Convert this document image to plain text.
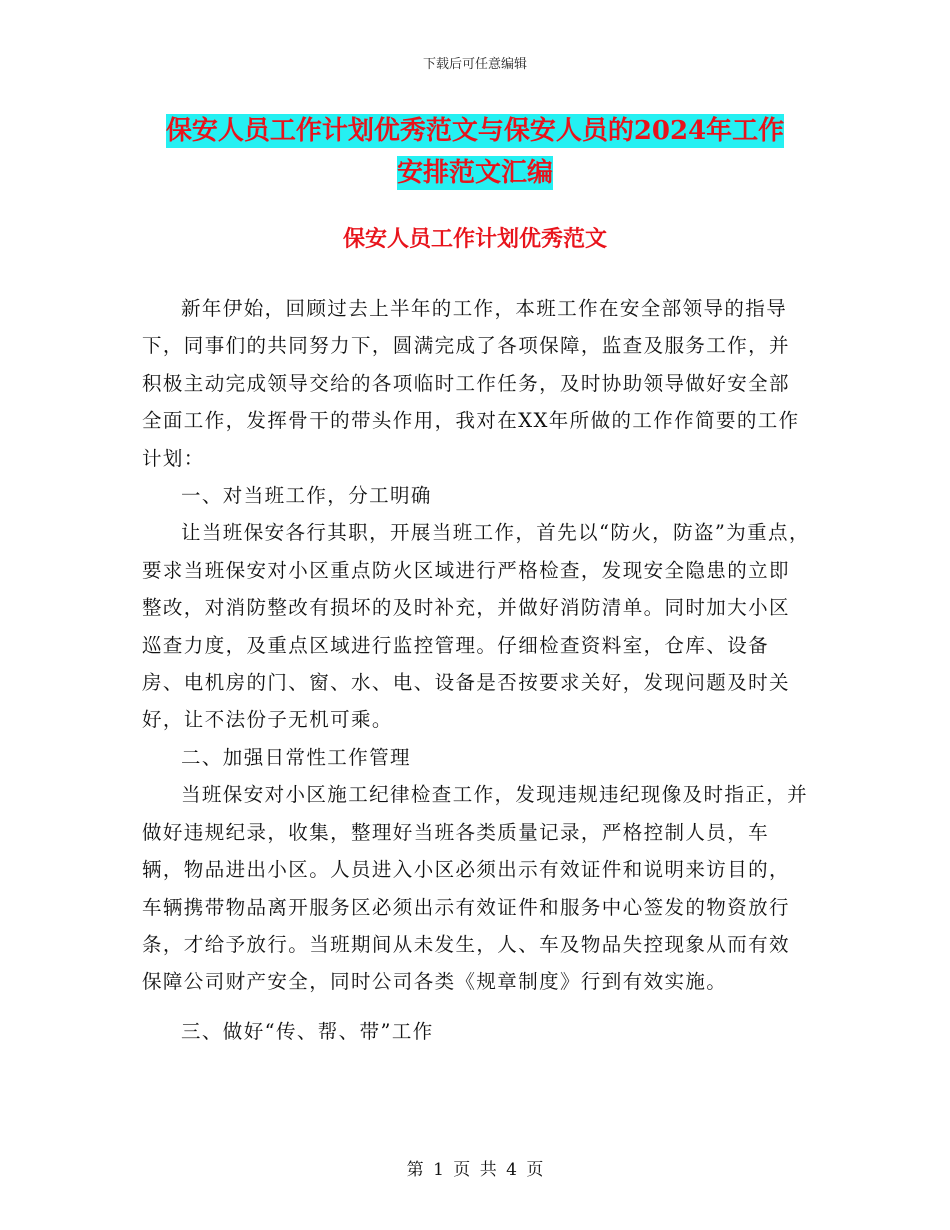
下载后可任意编辑
保安人员工作计划优秀范文与保安人员的2024年工作
安排范文汇编
保安人员工作计划优秀范文

新年伊始，回顾过去上半年的工作，本班工作在安全部领导的指导下，同事们的共同努力下，圆满完成了各项保障，监查及服务工作，并积极主动完成领导交给的各项临时工作任务，及时协助领导做好安全部全面工作，发挥骨干的带头作用，我对在XX年所做的工作作简要的工作计划：

一、对当班工作，分工明确

让当班保安各行其职，开展当班工作，首先以“防火，防盗”为重点，要求当班保安对小区重点防火区域进行严格检查，发现安全隐患的立即整改，对消防整改有损坏的及时补充，并做好消防清单。同时加大小区巡查力度，及重点区域进行监控管理。仔细检查资料室，仓库、设备房、电机房的门、窗、水、电、设备是否按要求关好，发现问题及时关好，让不法份子无机可乘。

二、加强日常性工作管理

当班保安对小区施工纪律检查工作，发现违规违纪现像及时指正，并做好违规纪录，收集，整理好当班各类质量记录，严格控制人员，车辆，物品进出小区。人员进入小区必须出示有效证件和说明来访目的，车辆携带物品离开服务区必须出示有效证件和服务中心签发的物资放行条，才给予放行。当班期间从未发生，人、车及物品失控现象从而有效保障公司财产安全，同时公司各类《规章制度》行到有效实施。

三、做好“传、帮、带”工作

第 1 页 共 4 页
